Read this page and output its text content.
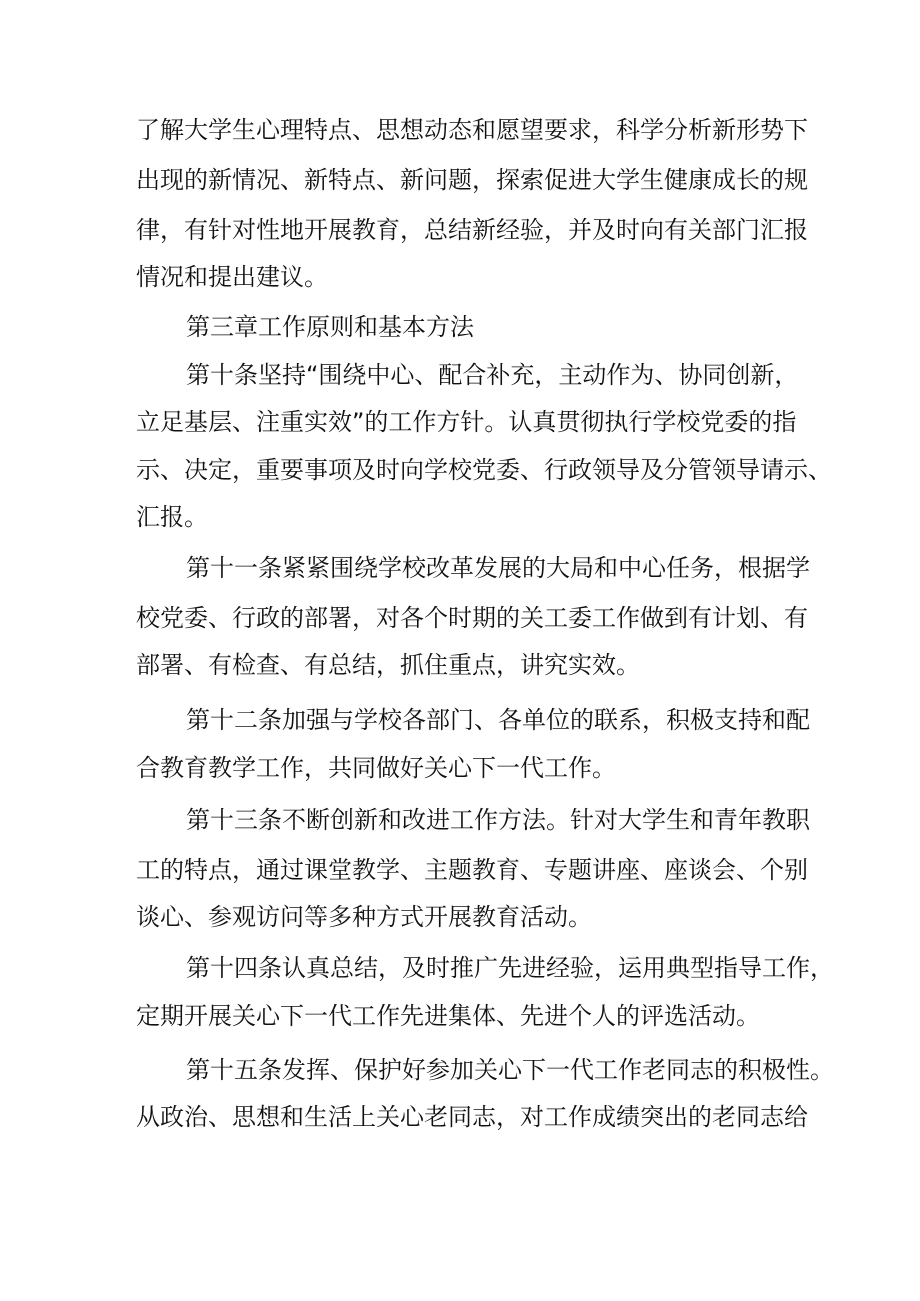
了解大学生心理特点、思想动态和愿望要求，科学分析新形势下
出现的新情况、新特点、新问题，探索促进大学生健康成长的规
律，有针对性地开展教育，总结新经验，并及时向有关部门汇报
情况和提出建议。
第三章工作原则和基本方法
第十条坚持“围绕中心、配合补充，主动作为、协同创新，
立足基层、注重实效”的工作方针。认真贯彻执行学校党委的指
示、决定，重要事项及时向学校党委、行政领导及分管领导请示、
汇报。
第十一条紧紧围绕学校改革发展的大局和中心任务，根据学
校党委、行政的部署，对各个时期的关工委工作做到有计划、有
部署、有检查、有总结，抓住重点，讲究实效。
第十二条加强与学校各部门、各单位的联系，积极支持和配
合教育教学工作，共同做好关心下一代工作。
第十三条不断创新和改进工作方法。针对大学生和青年教职
工的特点，通过课堂教学、主题教育、专题讲座、座谈会、个别
谈心、参观访问等多种方式开展教育活动。
第十四条认真总结，及时推广先进经验，运用典型指导工作，
定期开展关心下一代工作先进集体、先进个人的评选活动。
第十五条发挥、保护好参加关心下一代工作老同志的积极性。
从政治、思想和生活上关心老同志，对工作成绩突出的老同志给
